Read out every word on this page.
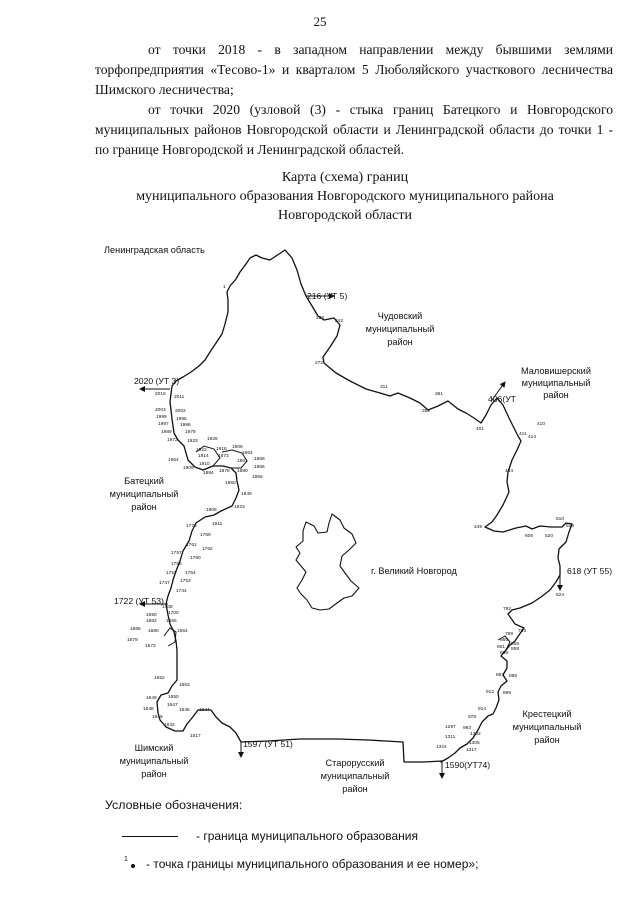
25

от точки 2018 - в западном направлении между бывшими землями торфопредприятия «Тесово-1» и кварталом 5 Люболяйского участкового лесничества Шимского лесничества;

от точки 2020 (узловой (3) - стыка границ Батецкого и Новгородского муниципальных районов Новгородской области и Ленинградской области до точки 1 - по границе Новгородской и Ленинградской областей.

Карта (схема) границ
муниципального образования Новгородского муниципального района
Новгородской области
Ленинградская область
Чудовский
муниципальный
район
Маловишерский
муниципальный
район
Батецкий
муниципальный
район
г. Великий Новгород
Крестецкий
муниципальный
район
Шимский
муниципальный
район
Старорусский
муниципальный
район
216 (УТ 5)
2020 (УТ 3)
406(УТ
618 (УТ 55)
1722 (УТ 53)
1597 (УТ 51)
1590(УТ74)
1
228
242
272
311
361
352
401
410
411
414
434
449
510
525
520
606
624
782
793
789
865
858
861 859
868
885
887
899
912
914
978
993
1297
1302
1305
1311
1317
1324
2018
2011
2003 2002
1999 1995
1997 1986
1989	1978
1972 1933 1926
1922 1916
1914
1906
1873
1864
1858
1856
1861
1964
1910
1909
1884 1876 1880
1855
1850
1849
1823
1805
1811
1776
1769
1761
1762
1757
1760
1755
1752 1754
1753
1747
1744
1708
1700
1690
1655
1682
1685 1680	1654
1679
1673
1652
1653
1649 1650
1647
1648	1645
1646
1644
1642
1617
Условные обозначения:
- граница муниципального образования
1 - точка границы муниципального образования и ее номер»;
